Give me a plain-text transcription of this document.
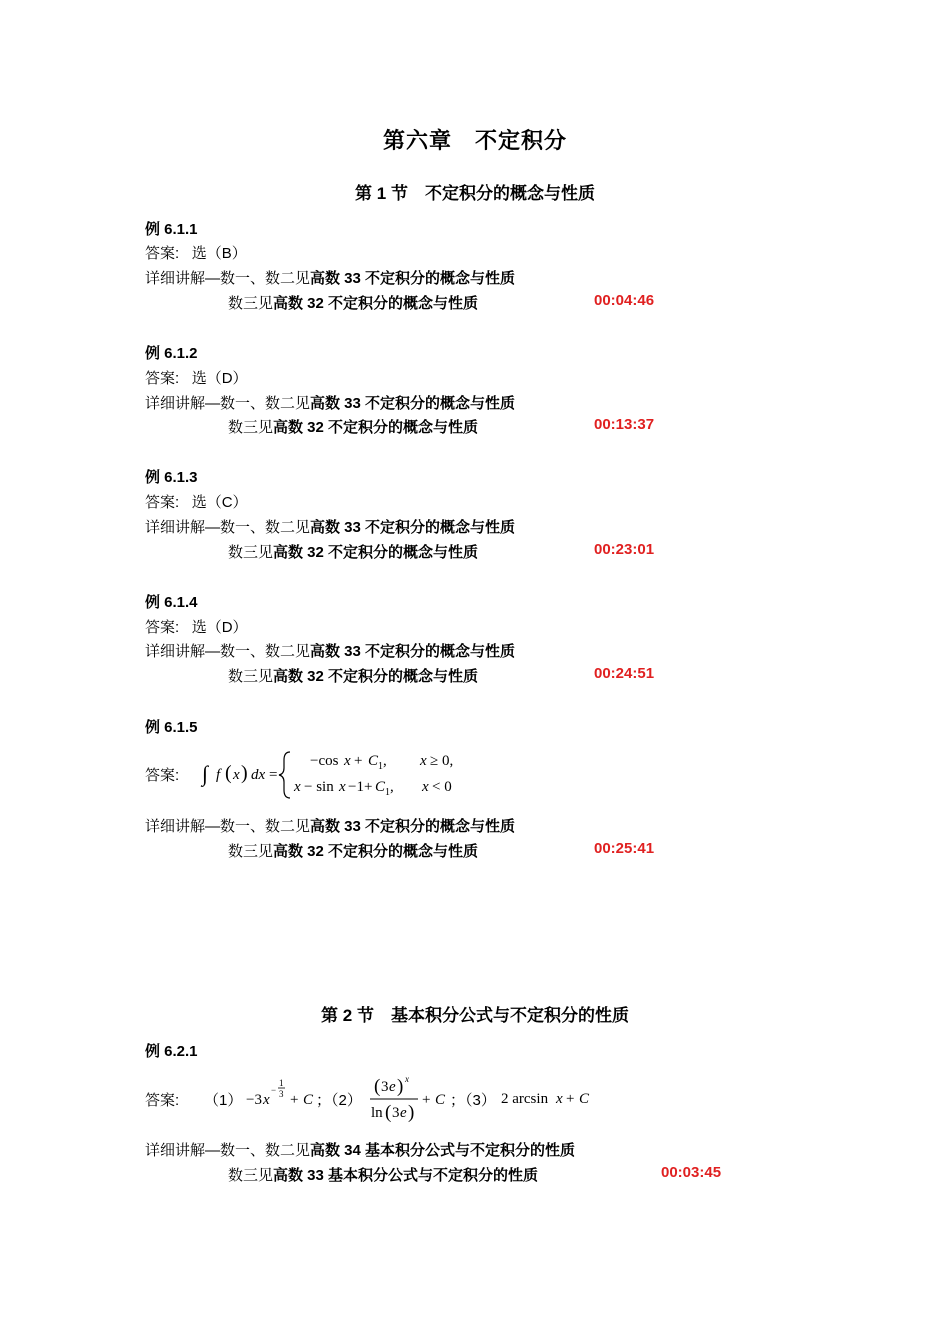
第六章　不定积分
第 1 节　不定积分的概念与性质
例 6.1.1
答案: 选（B）
详细讲解—数一、数二见高数 33 不定积分的概念与性质
数三见高数 32 不定积分的概念与性质	00:04:46
例 6.1.2
答案: 选（D）
详细讲解—数一、数二见高数 33 不定积分的概念与性质
数三见高数 32 不定积分的概念与性质	00:13:37
例 6.1.3
答案: 选（C）
详细讲解—数一、数二见高数 33 不定积分的概念与性质
数三见高数 32 不定积分的概念与性质	00:23:01
例 6.1.4
答案: 选（D）
详细讲解—数一、数二见高数 33 不定积分的概念与性质
数三见高数 32 不定积分的概念与性质	00:24:51
例 6.1.5
答案: ∫ f ( x ) dx =
−cos x + C 1 , x ≥ 0,
x − sin x −1+ C 1 , x < 0
详细讲解—数一、数二见高数 33 不定积分的概念与性质
数三见高数 32 不定积分的概念与性质	00:25:41
第 2 节　基本积分公式与不定积分的性质
例 6.2.1
答案: （1） −3 x
−
1
3 + C ；（2）
( 3 e ) x
ln ( 3 e )
+ C ；（3） 2 arcsin x + C
详细讲解—数一、数二见高数 34 基本积分公式与不定积分的性质
数三见高数 33 基本积分公式与不定积分的性质	00:03:45
